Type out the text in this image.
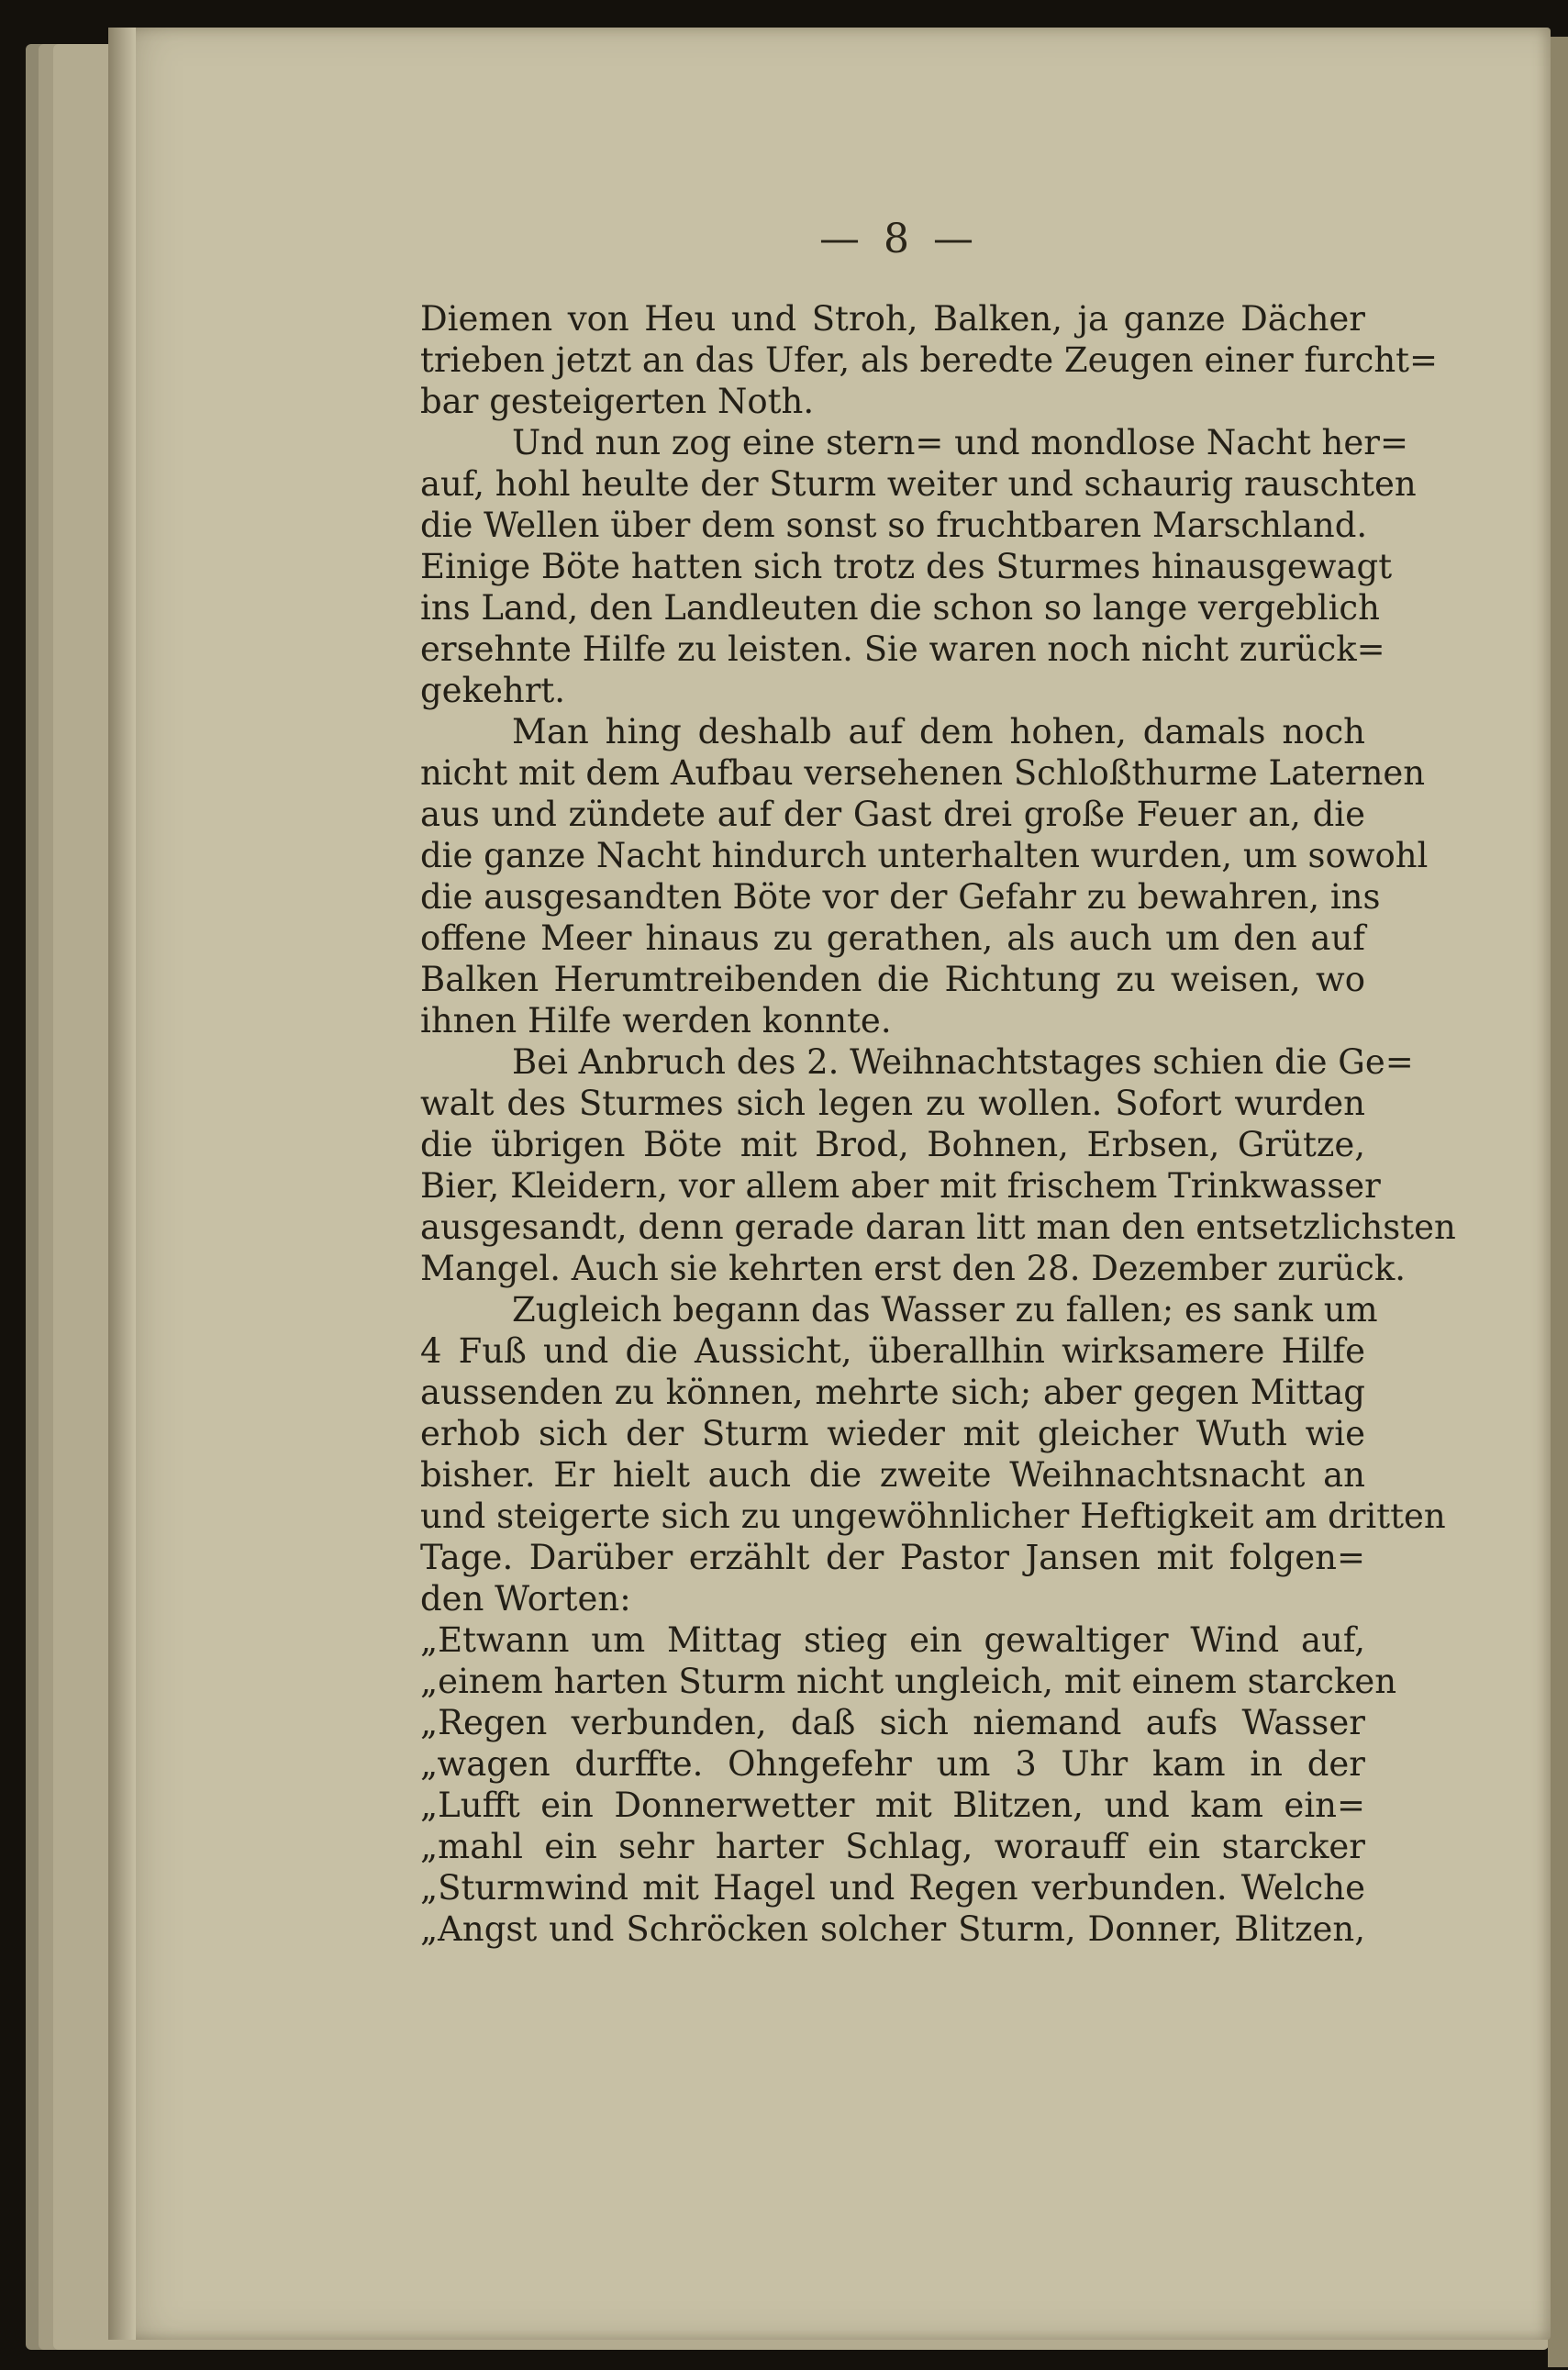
— 8 —
Diemen von Heu und Stroh, Balken, ja ganze Dächer
trieben jetzt an das Ufer, als beredte Zeugen einer furcht=
bar gesteigerten Noth.
Und nun zog eine stern= und mondlose Nacht her=
auf, hohl heulte der Sturm weiter und schaurig rauschten
die Wellen über dem sonst so fruchtbaren Marschland.
Einige Böte hatten sich trotz des Sturmes hinausgewagt
ins Land, den Landleuten die schon so lange vergeblich
ersehnte Hilfe zu leisten. Sie waren noch nicht zurück=
gekehrt.
Man hing deshalb auf dem hohen, damals noch
nicht mit dem Aufbau versehenen Schloßthurme Laternen
aus und zündete auf der Gast drei große Feuer an, die
die ganze Nacht hindurch unterhalten wurden, um sowohl
die ausgesandten Böte vor der Gefahr zu bewahren, ins
offene Meer hinaus zu gerathen, als auch um den auf
Balken Herumtreibenden die Richtung zu weisen, wo
ihnen Hilfe werden konnte.
Bei Anbruch des 2. Weihnachtstages schien die Ge=
walt des Sturmes sich legen zu wollen. Sofort wurden
die übrigen Böte mit Brod, Bohnen, Erbsen, Grütze,
Bier, Kleidern, vor allem aber mit frischem Trinkwasser
ausgesandt, denn gerade daran litt man den entsetzlichsten
Mangel. Auch sie kehrten erst den 28. Dezember zurück.
Zugleich begann das Wasser zu fallen; es sank um
4 Fuß und die Aussicht, überallhin wirksamere Hilfe
aussenden zu können, mehrte sich; aber gegen Mittag
erhob sich der Sturm wieder mit gleicher Wuth wie
bisher. Er hielt auch die zweite Weihnachtsnacht an
und steigerte sich zu ungewöhnlicher Heftigkeit am dritten
Tage. Darüber erzählt der Pastor Jansen mit folgen=
den Worten:
„Etwann um Mittag stieg ein gewaltiger Wind auf,
„einem harten Sturm nicht ungleich, mit einem starcken
„Regen verbunden, daß sich niemand aufs Wasser
„wagen durffte. Ohngefehr um 3 Uhr kam in der
„Lufft ein Donnerwetter mit Blitzen, und kam ein=
„mahl ein sehr harter Schlag, worauff ein starcker
„Sturmwind mit Hagel und Regen verbunden. Welche
„Angst und Schröcken solcher Sturm, Donner, Blitzen,
